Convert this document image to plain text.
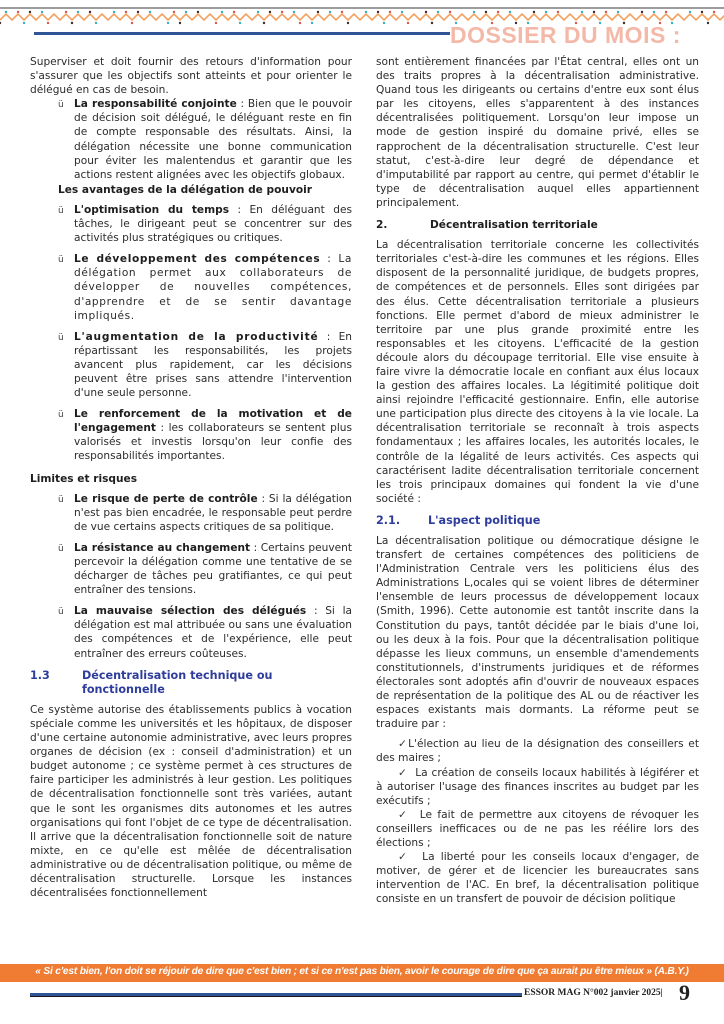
DOSSIER DU MOIS :

Superviser et doit fournir des retours d'information pour s'assurer que les objectifs sont atteints et pour orienter le délégué en cas de besoin.

ü La responsabilité conjointe : Bien que le pouvoir de décision soit délégué, le déléguant reste en fin de compte responsable des résultats. Ainsi, la délégation nécessite une bonne communication pour éviter les malentendus et garantir que les actions restent alignées avec les objectifs globaux.
Les avantages de la délégation de pouvoir
ü L'optimisation du temps : En déléguant des tâches, le dirigeant peut se concentrer sur des activités plus stratégiques ou critiques.
ü Le développement des compétences : La délégation permet aux collaborateurs de développer de nouvelles compétences, d'apprendre et de se sentir davantage impliqués.
ü L'augmentation de la productivité : En répartissant les responsabilités, les projets avancent plus rapidement, car les décisions peuvent être prises sans attendre l'intervention d'une seule personne.
ü Le renforcement de la motivation et de l'engagement : les collaborateurs se sentent plus valorisés et investis lorsqu'on leur confie des responsabilités importantes.
Limites et risques
ü Le risque de perte de contrôle : Si la délégation n'est pas bien encadrée, le responsable peut perdre de vue certains aspects critiques de sa politique.
ü La résistance au changement : Certains peuvent percevoir la délégation comme une tentative de se décharger de tâches peu gratifiantes, ce qui peut entraîner des tensions.
ü La mauvaise sélection des délégués : Si la délégation est mal attribuée ou sans une évaluation des compétences et de l'expérience, elle peut entraîner des erreurs coûteuses.
1.3	Décentralisation technique ou fonctionnelle

Ce système autorise des établissements publics à vocation spéciale comme les universités et les hôpitaux, de disposer d'une certaine autonomie administrative, avec leurs propres organes de décision (ex : conseil d'administration) et un budget autonome ; ce système permet à ces structures de faire participer les administrés à leur gestion. Les politiques de décentralisation fonctionnelle sont très variées, autant que le sont les organismes dits autonomes et les autres organisations qui font l'objet de ce type de décentralisation. Il arrive que la décentralisation fonctionnelle soit de nature mixte, en ce qu'elle est mêlée de décentralisation administrative ou de décentralisation politique, ou même de décentralisation structurelle. Lorsque les instances décentralisées fonctionnellement

sont entièrement financées par l'État central, elles ont un des traits propres à la décentralisation administrative. Quand tous les dirigeants ou certains d'entre eux sont élus par les citoyens, elles s'apparentent à des instances décentralisées politiquement. Lorsqu'on leur impose un mode de gestion inspiré du domaine privé, elles se rapprochent de la décentralisation structurelle. C'est leur statut, c'est-à-dire leur degré de dépendance et d'imputabilité par rapport au centre, qui permet d'établir le type de décentralisation auquel elles appartiennent principalement.

2.	Décentralisation territoriale

La décentralisation territoriale concerne les collectivités territoriales c'est-à-dire les communes et les régions. Elles disposent de la personnalité juridique, de budgets propres, de compétences et de personnels. Elles sont dirigées par des élus. Cette décentralisation territoriale a plusieurs fonctions. Elle permet d'abord de mieux administrer le territoire par une plus grande proximité entre les responsables et les citoyens. L'efficacité de la gestion découle alors du découpage territorial. Elle vise ensuite à faire vivre la démocratie locale en confiant aux élus locaux la gestion des affaires locales. La légitimité politique doit ainsi rejoindre l'efficacité gestionnaire. Enfin, elle autorise une participation plus directe des citoyens à la vie locale. La décentralisation territoriale se reconnaît à trois aspects fondamentaux ; les affaires locales, les autorités locales, le contrôle de la légalité de leurs activités. Ces aspects qui caractérisent ladite décentralisation territoriale concernent les trois principaux domaines qui fondent la vie d'une société :

2.1.	L'aspect politique

La décentralisation politique ou démocratique désigne le transfert de certaines compétences des politiciens de l'Administration Centrale vers les politiciens élus des Administrations L,ocales qui se voient libres de déterminer l'ensemble de leurs processus de développement locaux (Smith, 1996). Cette autonomie est tantôt inscrite dans la Constitution du pays, tantôt décidée par le biais d'une loi, ou les deux à la fois. Pour que la décentralisation politique dépasse les lieux communs, un ensemble d'amendements constitutionnels, d'instruments juridiques et de réformes électorales sont adoptés afin d'ouvrir de nouveaux espaces de représentation de la politique des AL ou de réactiver les espaces existants mais dormants. La réforme peut se traduire par :

✓L'élection au lieu de la désignation des conseillers et des maires ;

✓ La création de conseils locaux habilités à légiférer et à autoriser l'usage des finances inscrites au budget par les exécutifs ;

✓ Le fait de permettre aux citoyens de révoquer les conseillers inefficaces ou de ne pas les réélire lors des élections ;

✓ La liberté pour les conseils locaux d'engager, de motiver, de gérer et de licencier les bureaucrates sans intervention de l'AC. En bref, la décentralisation politique consiste en un transfert de pouvoir de décision politique

« Si c'est bien, l'on doit se réjouir de dire que c'est bien ; et si ce n'est pas bien, avoir le courage de dire que ça aurait pu être mieux » (A.B.Y.)
ESSOR MAG N°002 janvier 2025| 9
